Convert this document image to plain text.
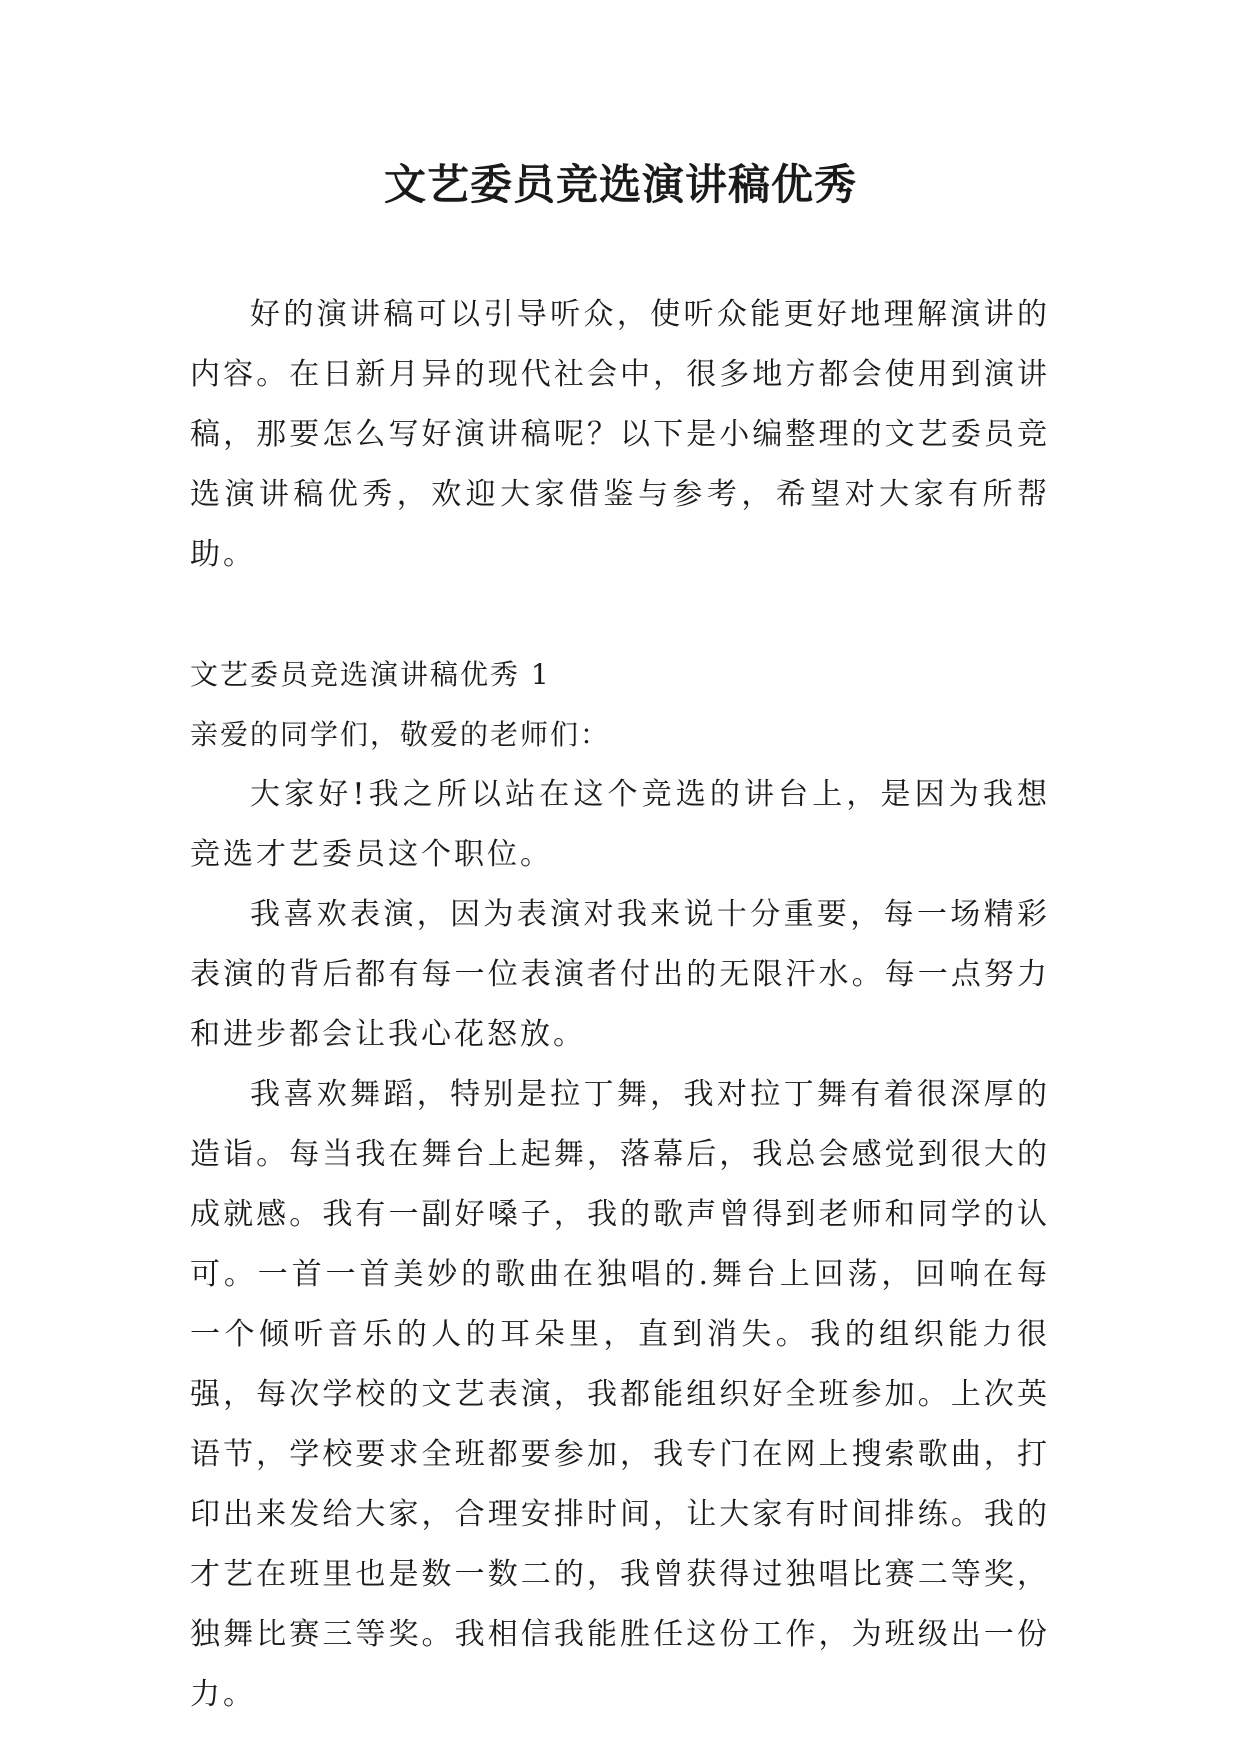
文艺委员竞选演讲稿优秀

好的演讲稿可以引导听众，使听众能更好地理解演讲的内容。在日新月异的现代社会中，很多地方都会使用到演讲稿，那要怎么写好演讲稿呢？以下是小编整理的文艺委员竞选演讲稿优秀，欢迎大家借鉴与参考，希望对大家有所帮助。

文艺委员竞选演讲稿优秀 1

亲爱的同学们，敬爱的老师们：

大家好!我之所以站在这个竞选的讲台上，是因为我想竞选才艺委员这个职位。

我喜欢表演，因为表演对我来说十分重要，每一场精彩表演的背后都有每一位表演者付出的无限汗水。每一点努力和进步都会让我心花怒放。

我喜欢舞蹈，特别是拉丁舞，我对拉丁舞有着很深厚的造诣。每当我在舞台上起舞，落幕后，我总会感觉到很大的成就感。我有一副好嗓子，我的歌声曾得到老师和同学的认可。一首一首美妙的歌曲在独唱的.舞台上回荡，回响在每一个倾听音乐的人的耳朵里，直到消失。我的组织能力很强，每次学校的文艺表演，我都能组织好全班参加。上次英语节，学校要求全班都要参加，我专门在网上搜索歌曲，打印出来发给大家，合理安排时间，让大家有时间排练。我的才艺在班里也是数一数二的，我曾获得过独唱比赛二等奖，独舞比赛三等奖。我相信我能胜任这份工作，为班级出一份力。
